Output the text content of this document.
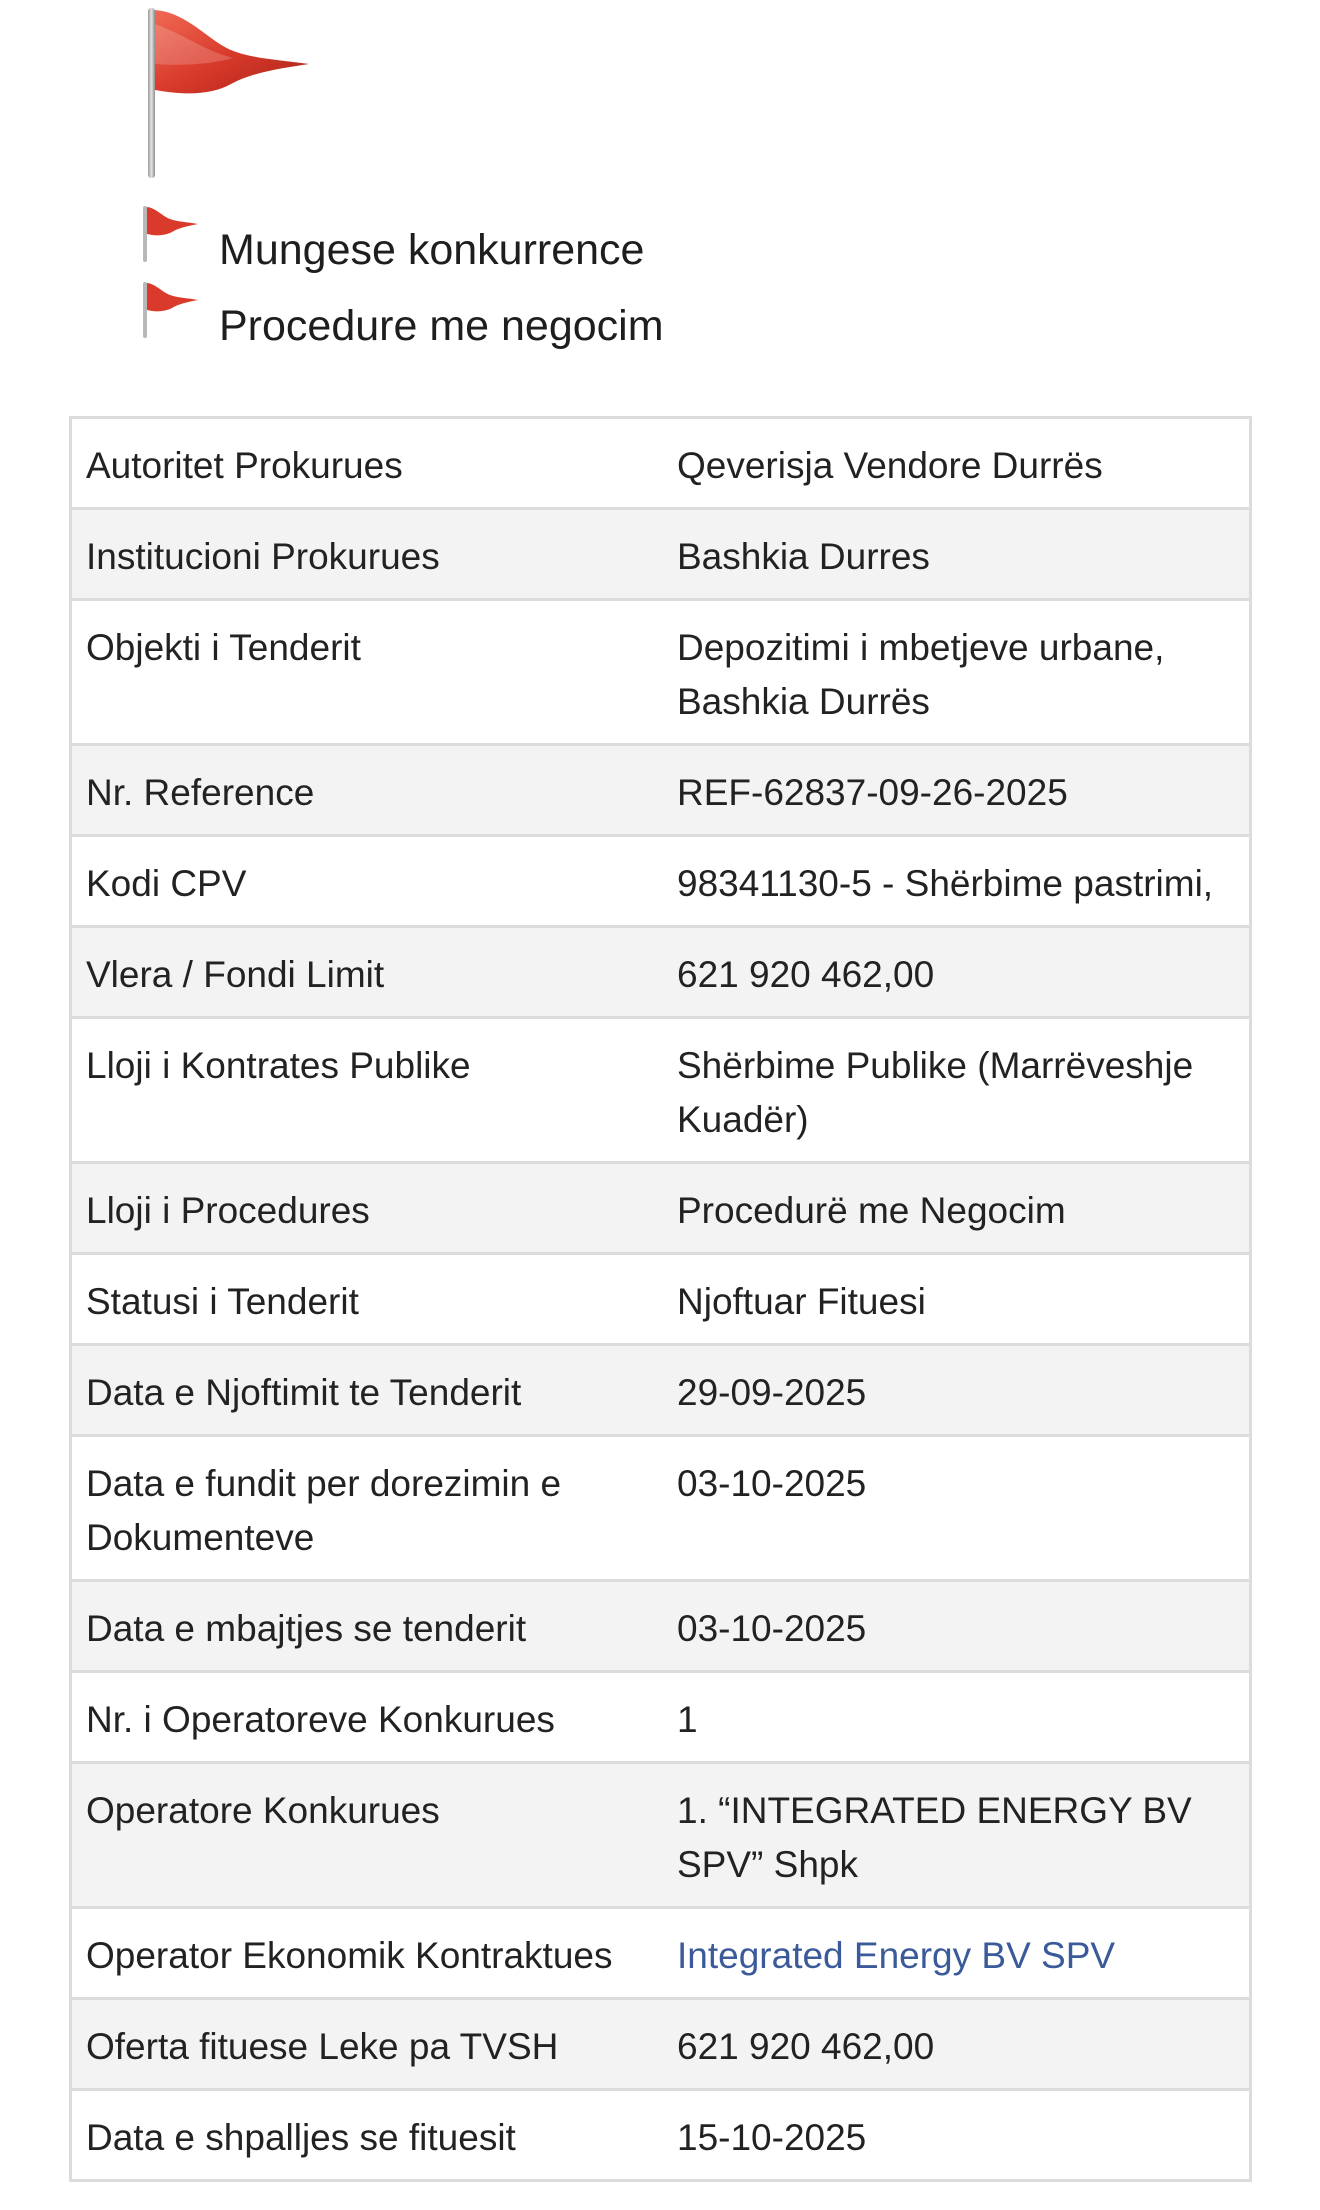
Mungese konkurrence
Procedure me negocim
Autoritet Prokurues	Qeverisja Vendore Durrës
Institucioni Prokurues	Bashkia Durres
Objekti i Tenderit	Depozitimi i mbetjeve urbane, Bashkia Durrës
Nr. Reference	REF-62837-09-26-2025
Kodi CPV	98341130-5 - Shërbime pastrimi,
Vlera / Fondi Limit	621 920 462,00
Lloji i Kontrates Publike	Shërbime Publike (Marrëveshje Kuadër)
Lloji i Procedures	Procedurë me Negocim
Statusi i Tenderit	Njoftuar Fituesi
Data e Njoftimit te Tenderit	29-09-2025
Data e fundit per dorezimin e Dokumenteve	03-10-2025
Data e mbajtjes se tenderit	03-10-2025
Nr. i Operatoreve Konkurues	1
Operatore Konkurues	1. “INTEGRATED ENERGY BV SPV” Shpk
Operator Ekonomik Kontraktues	Integrated Energy BV SPV
Oferta fituese Leke pa TVSH	621 920 462,00
Data e shpalljes se fituesit	15-10-2025
